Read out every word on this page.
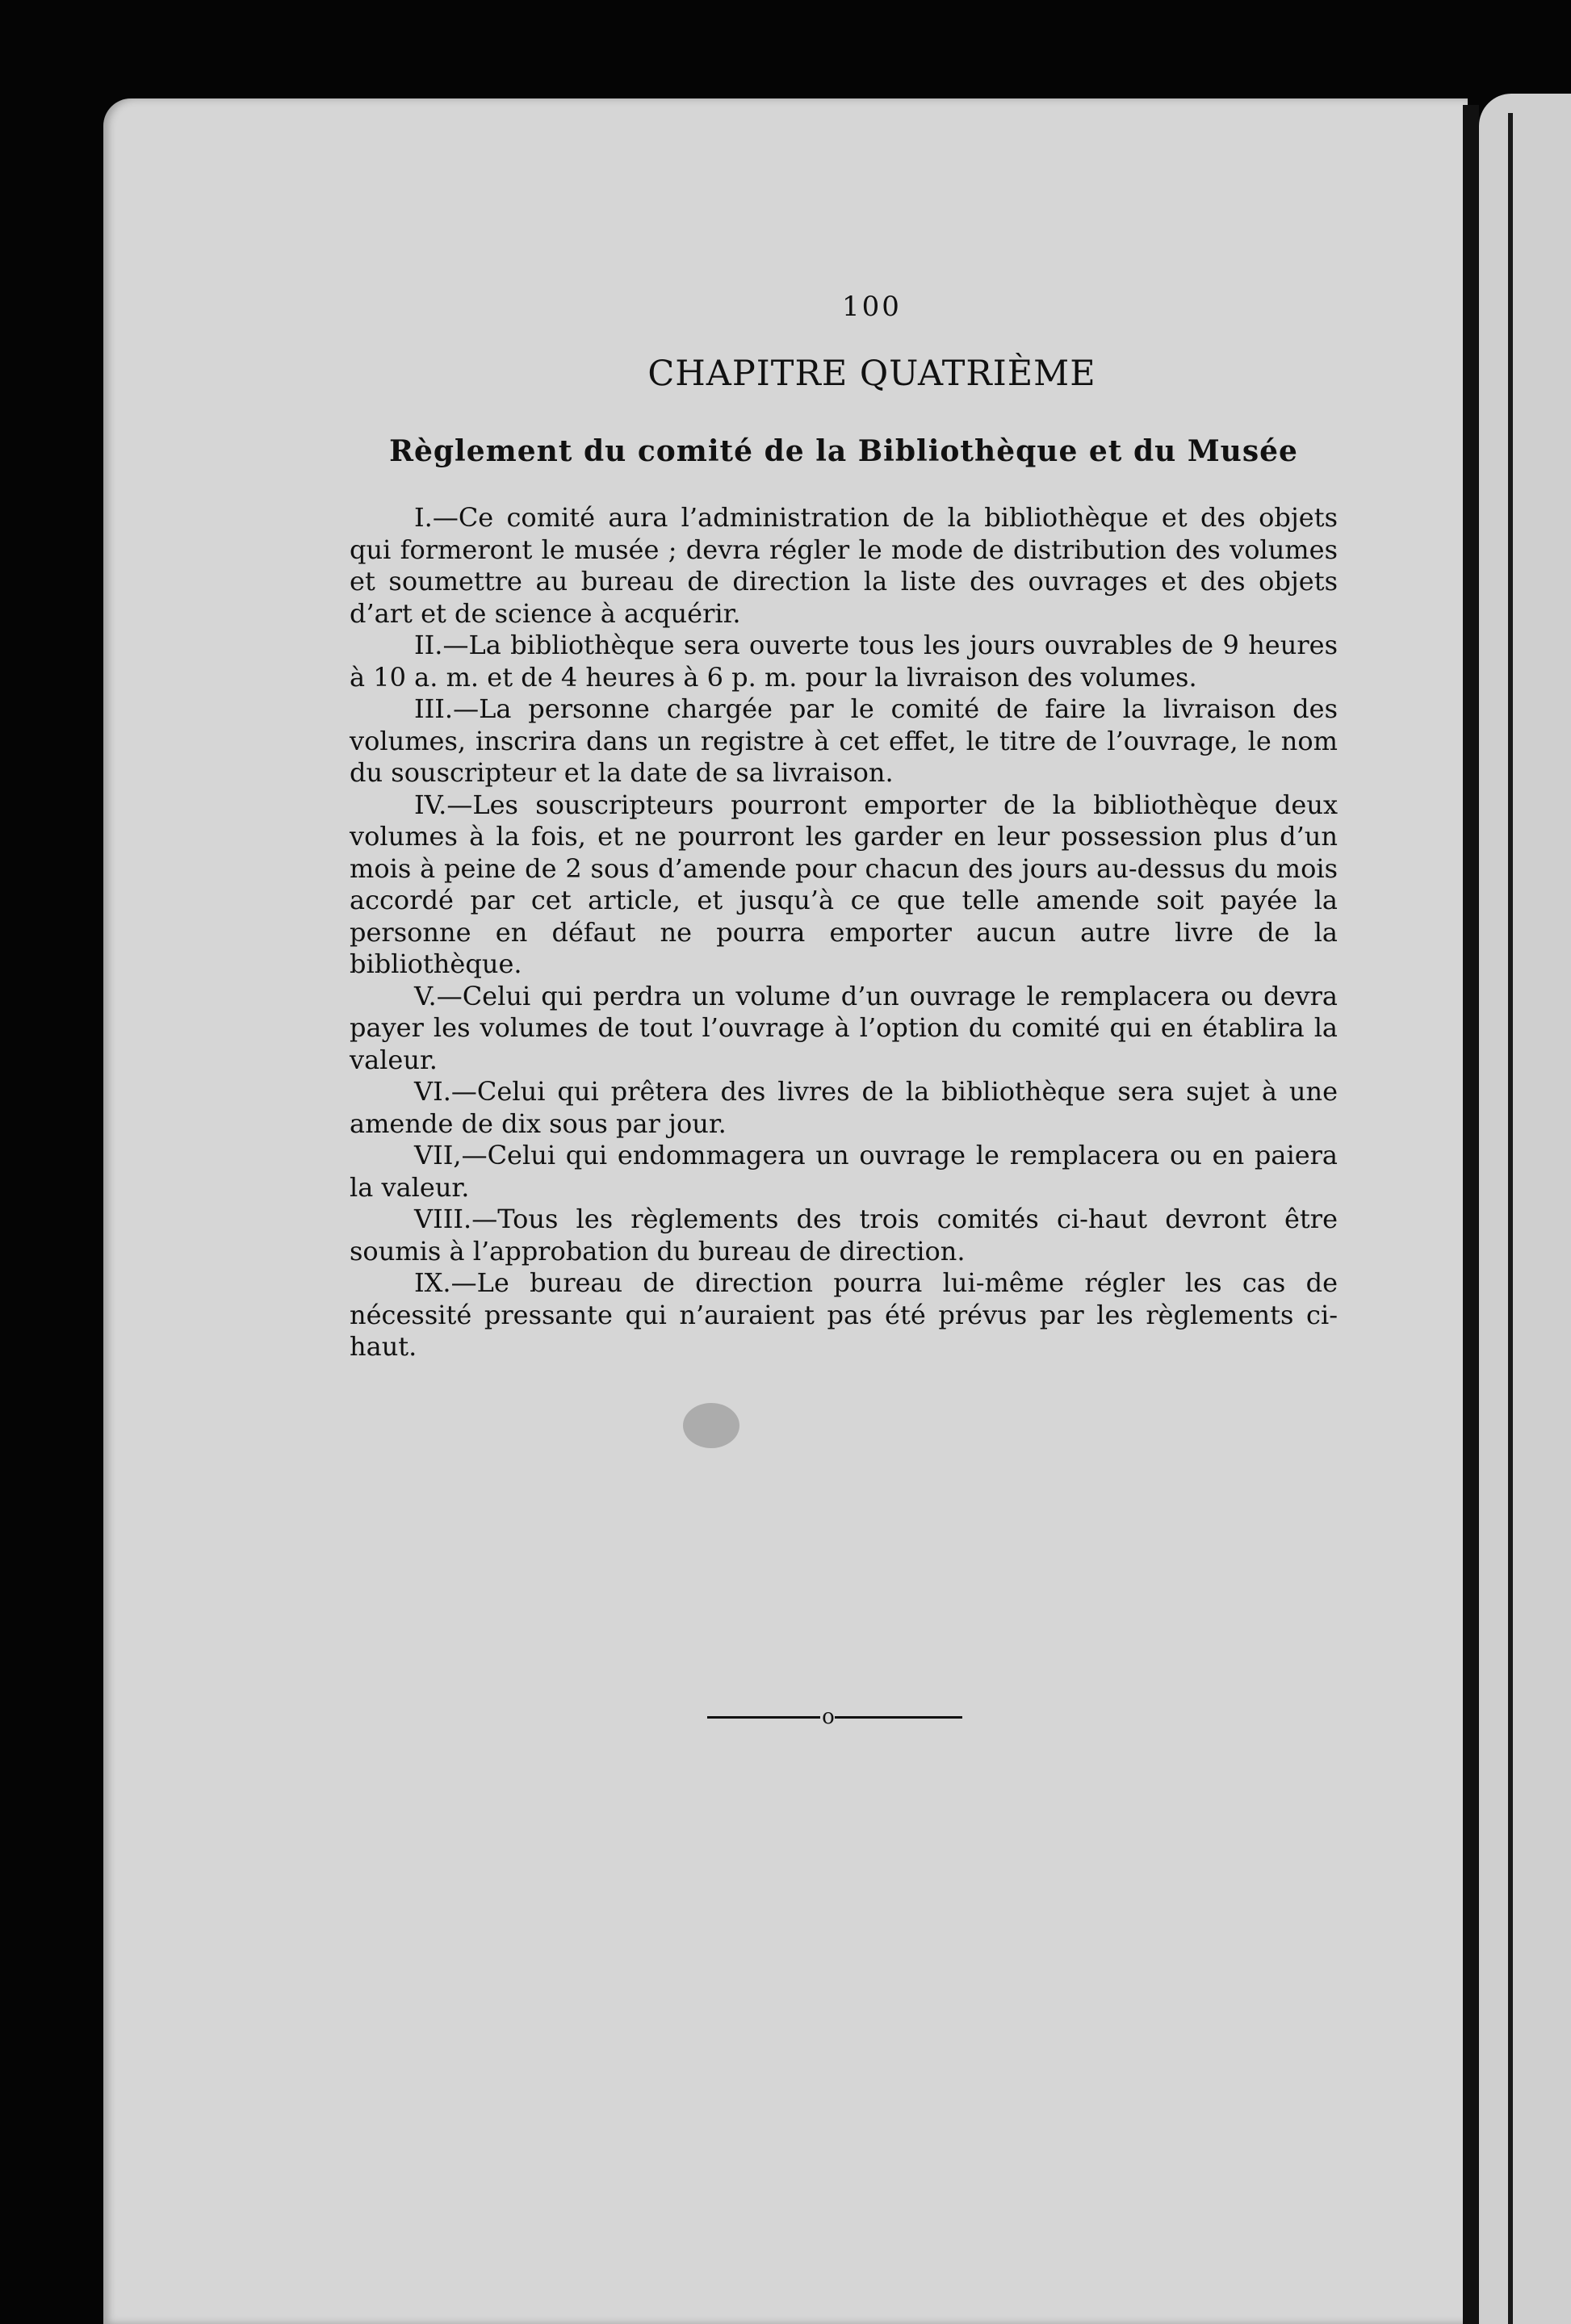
100
CHAPITRE QUATRIÈME
Règlement du comité de la Bibliothèque et du Musée

I.—Ce comité aura l’administration de la bibliothèque et des objets qui formeront le musée ; devra régler le mode de distribution des volumes et soumettre au bureau de direction la liste des ouvrages et des objets d’art et de science à acquérir.

II.—La bibliothèque sera ouverte tous les jours ouvrables de 9 heures à 10 a. m. et de 4 heures à 6 p. m. pour la livraison des volumes.

III.—La personne chargée par le comité de faire la livraison des volumes, inscrira dans un registre à cet effet, le titre de l’ouvrage, le nom du souscripteur et la date de sa livraison.

IV.—Les souscripteurs pourront emporter de la bibliothèque deux volumes à la fois, et ne pourront les garder en leur possession plus d’un mois à peine de 2 sous d’amende pour chacun des jours au-dessus du mois accordé par cet article, et jusqu’à ce que telle amende soit payée la personne en défaut ne pourra emporter aucun autre livre de la bibliothèque.

V.—Celui qui perdra un volume d’un ouvrage le remplacera ou devra payer les volumes de tout l’ouvrage à l’option du comité qui en établira la valeur.

VI.—Celui qui prêtera des livres de la bibliothèque sera sujet à une amende de dix sous par jour.

VII,—Celui qui endommagera un ouvrage le remplacera ou en paiera la valeur.

VIII.—Tous les règlements des trois comités ci-haut devront être soumis à l’approbation du bureau de direction.

IX.—Le bureau de direction pourra lui-même régler les cas de nécessité pressante qui n’auraient pas été prévus par les règlements ci-haut.

o
